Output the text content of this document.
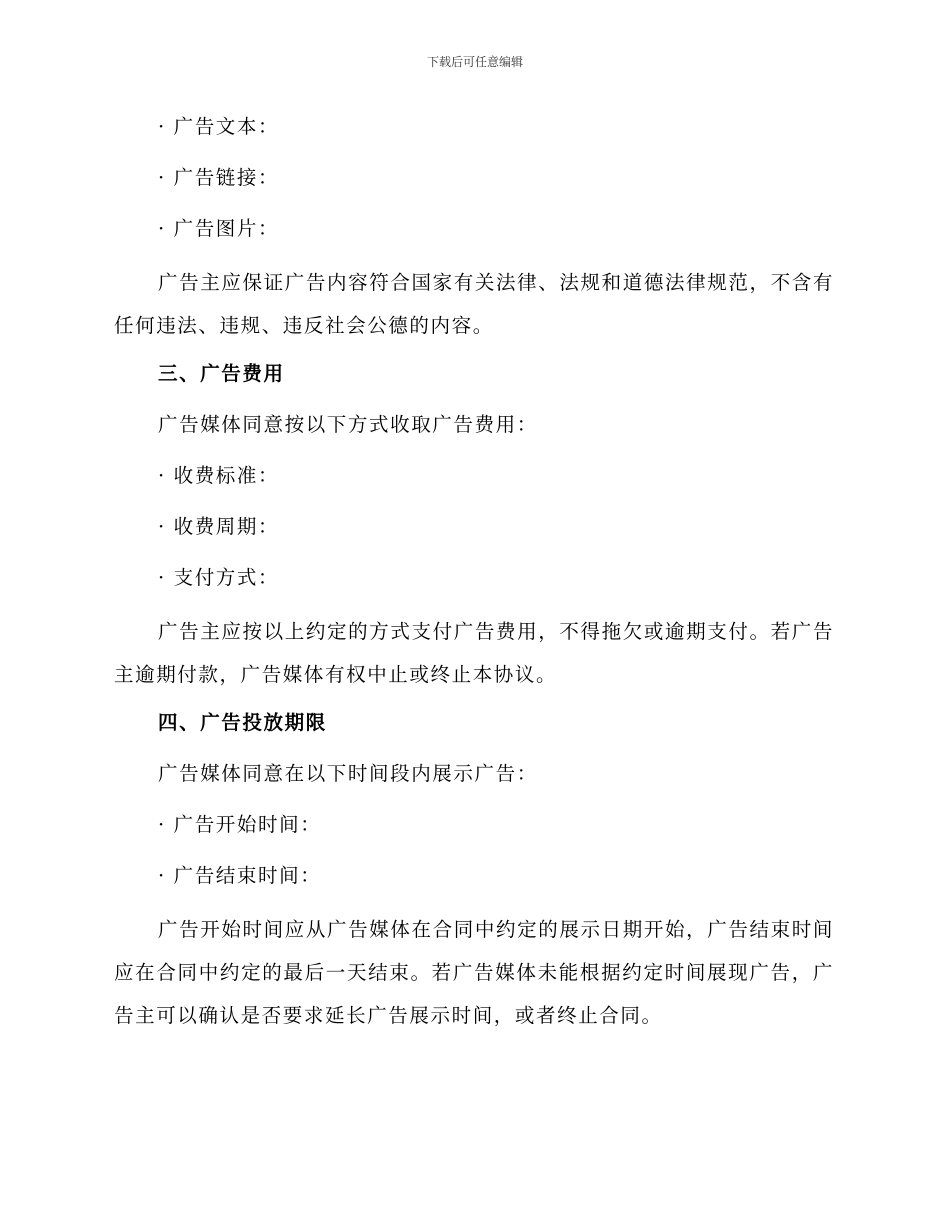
下载后可任意编辑
· 广告文本：
· 广告链接：
· 广告图片：
广告主应保证广告内容符合国家有关法律、法规和道德法律规范，不含有任何违法、违规、违反社会公德的内容。
三、广告费用
广告媒体同意按以下方式收取广告费用：
· 收费标准：
· 收费周期：
· 支付方式：
广告主应按以上约定的方式支付广告费用，不得拖欠或逾期支付。若广告主逾期付款，广告媒体有权中止或终止本协议。
四、广告投放期限
广告媒体同意在以下时间段内展示广告：
· 广告开始时间：
· 广告结束时间：
广告开始时间应从广告媒体在合同中约定的展示日期开始，广告结束时间应在合同中约定的最后一天结束。若广告媒体未能根据约定时间展现广告，广告主可以确认是否要求延长广告展示时间，或者终止合同。
